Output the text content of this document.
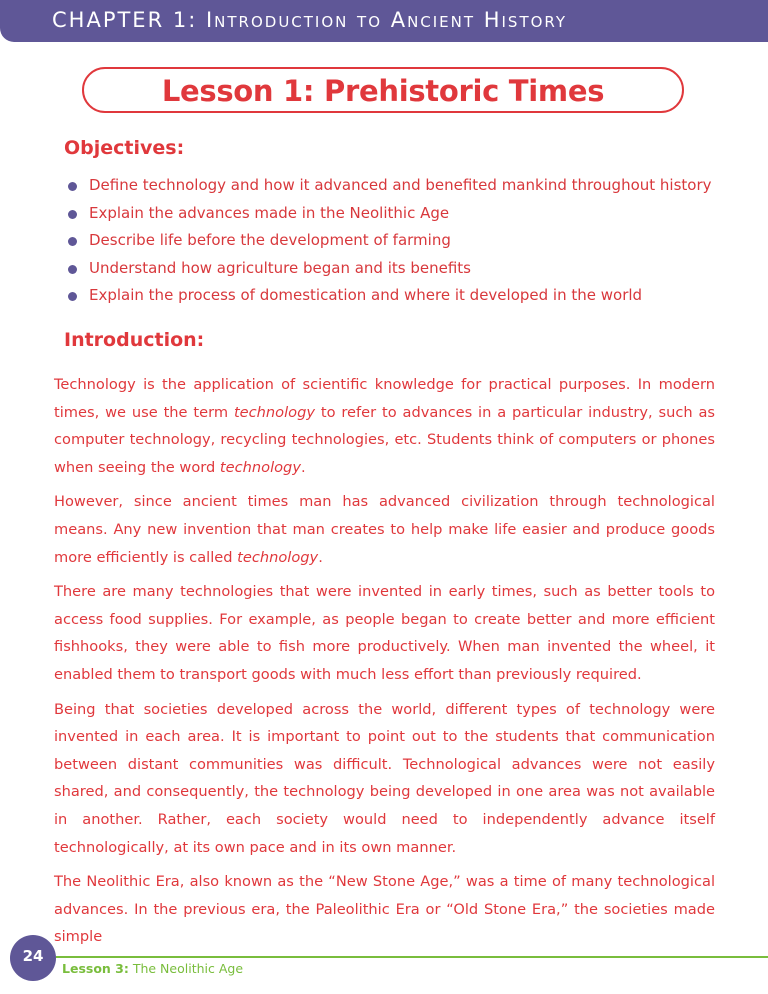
CHAPTER 1: Introduction to Ancient History
Lesson 1: Prehistoric Times
Objectives:
Define technology and how it advanced and benefited mankind throughout history
Explain the advances made in the Neolithic Age
Describe life before the development of farming
Understand how agriculture began and its benefits
Explain the process of domestication and where it developed in the world
Introduction:

Technology is the application of scientific knowledge for practical purposes. In modern times, we use the term technology to refer to advances in a particular industry, such as computer technology, recycling technologies, etc. Students think of computers or phones when seeing the word technology.

However, since ancient times man has advanced civilization through technological means. Any new invention that man creates to help make life easier and produce goods more efficiently is called technology.

There are many technologies that were invented in early times, such as better tools to access food supplies. For example, as people began to create better and more efficient fishhooks, they were able to fish more productively. When man invented the wheel, it enabled them to transport goods with much less effort than previously required.

Being that societies developed across the world, different types of technology were invented in each area. It is important to point out to the students that communication between distant communities was difficult. Technological advances were not easily shared, and consequently, the technology being developed in one area was not available in another. Rather, each society would need to independently advance itself technologically, at its own pace and in its own manner.

The Neolithic Era, also known as the “New Stone Age,” was a time of many technological advances. In the previous era, the Paleolithic Era or “Old Stone Era,” the societies made simple

24
Lesson 3: The Neolithic Age
